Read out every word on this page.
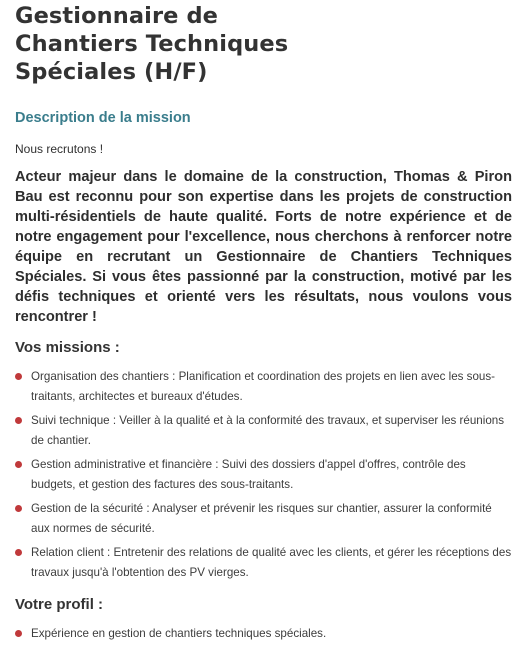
Gestionnaire de
Chantiers Techniques
Spéciales (H/F)
Description de la mission

Nous recrutons !

Acteur majeur dans le domaine de la construction, Thomas & Piron Bau est reconnu pour son expertise dans les projets de construction multi-résidentiels de haute qualité. Forts de notre expérience et de notre engagement pour l'excellence, nous cherchons à renforcer notre équipe en recrutant un Gestionnaire de Chantiers Techniques Spéciales. Si vous êtes passionné par la construction, motivé par les défis techniques et orienté vers les résultats, nous voulons vous rencontrer !

Vos missions :
Organisation des chantiers : Planification et coordination des projets en lien avec les sous-traitants, architectes et bureaux d'études.
Suivi technique : Veiller à la qualité et à la conformité des travaux, et superviser les réunions de chantier.
Gestion administrative et financière : Suivi des dossiers d'appel d'offres, contrôle des budgets, et gestion des factures des sous-traitants.
Gestion de la sécurité : Analyser et prévenir les risques sur chantier, assurer la conformité aux normes de sécurité.
Relation client : Entretenir des relations de qualité avec les clients, et gérer les réceptions des travaux jusqu'à l'obtention des PV vierges.
Votre profil :
Expérience en gestion de chantiers techniques spéciales.
